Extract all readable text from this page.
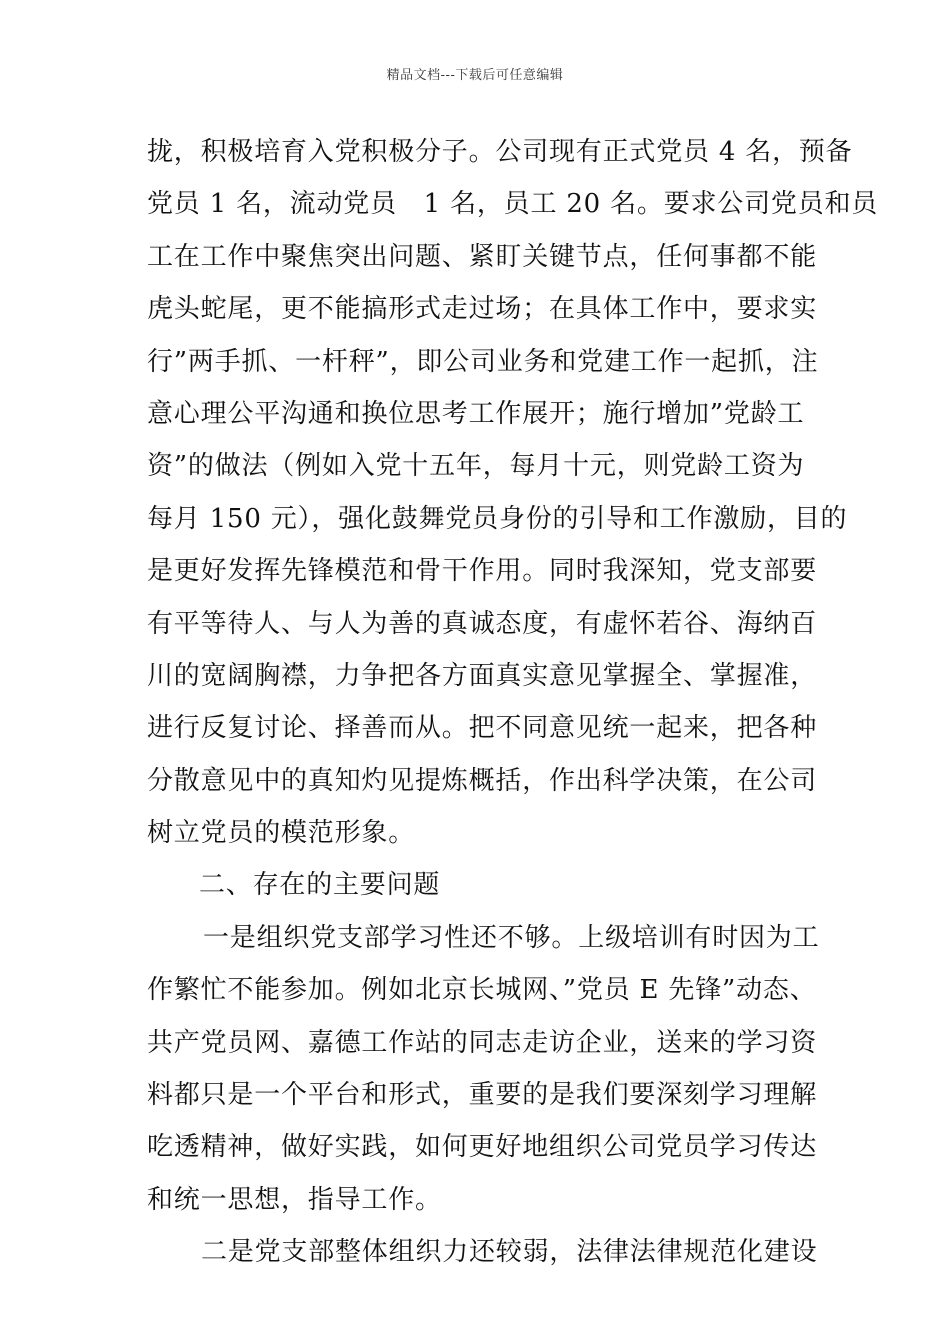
精品文档---下载后可任意编辑
拢，积极培育入党积极分子。公司现有正式党员 4 名，预备
党员 1 名，流动党员　1 名，员工 20 名。要求公司党员和员
工在工作中聚焦突出问题、紧盯关键节点，任何事都不能
虎头蛇尾，更不能搞形式走过场；在具体工作中，要求实
行”两手抓、一杆秤”，即公司业务和党建工作一起抓，注
意心理公平沟通和换位思考工作展开；施行增加”党龄工
资”的做法（例如入党十五年，每月十元，则党龄工资为
每月 150 元），强化鼓舞党员身份的引导和工作激励，目的
是更好发挥先锋模范和骨干作用。同时我深知，党支部要
有平等待人、与人为善的真诚态度，有虚怀若谷、海纳百
川的宽阔胸襟，力争把各方面真实意见掌握全、掌握准，
进行反复讨论、择善而从。把不同意见统一起来，把各种
分散意见中的真知灼见提炼概括，作出科学决策，在公司
树立党员的模范形象。
二、存在的主要问题
一是组织党支部学习性还不够。上级培训有时因为工
作繁忙不能参加。例如北京长城网、”党员 E 先锋”动态、
共产党员网、嘉德工作站的同志走访企业，送来的学习资
料都只是一个平台和形式，重要的是我们要深刻学习理解
吃透精神，做好实践，如何更好地组织公司党员学习传达
和统一思想，指导工作。
二是党支部整体组织力还较弱，法律法律规范化建设
